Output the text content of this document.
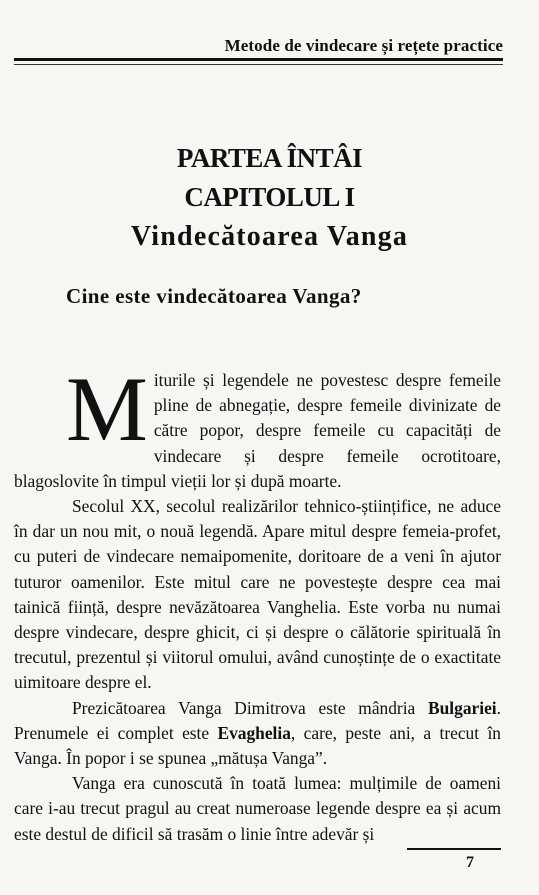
Metode de vindecare și rețete practice
PARTEA ÎNTÂI
CAPITOLUL I
Vindecătoarea Vanga
Cine este vindecătoarea Vanga?

Miturile și legendele ne povestesc despre femeile pline de abnegație, despre femeile divinizate de către popor, despre femeile cu capacități de vindecare și despre femeile ocrotitoare, blagoslovite în timpul vieții lor și după moarte.

Secolul XX, secolul realizărilor tehnico-științifice, ne aduce în dar un nou mit, o nouă legendă. Apare mitul despre femeia-profet, cu puteri de vindecare nemaipomenite, doritoare de a veni în ajutor tuturor oamenilor. Este mitul care ne povestește despre cea mai tainică ființă, despre nevăzătoarea Vanghelia. Este vorba nu numai despre vindecare, despre ghicit, ci și despre o călătorie spirituală în trecutul, prezentul și viitorul omului, având cunoștințe de o exactitate uimitoare despre el.

Prezicătoarea Vanga Dimitrova este mândria Bulgariei. Prenumele ei complet este Evaghelia, care, peste ani, a trecut în Vanga. În popor i se spunea „mătușa Vanga”.

Vanga era cunoscută în toată lumea: mulțimile de oameni care i-au trecut pragul au creat numeroase legende despre ea și acum este destul de dificil să trasăm o linie între adevăr și

7
